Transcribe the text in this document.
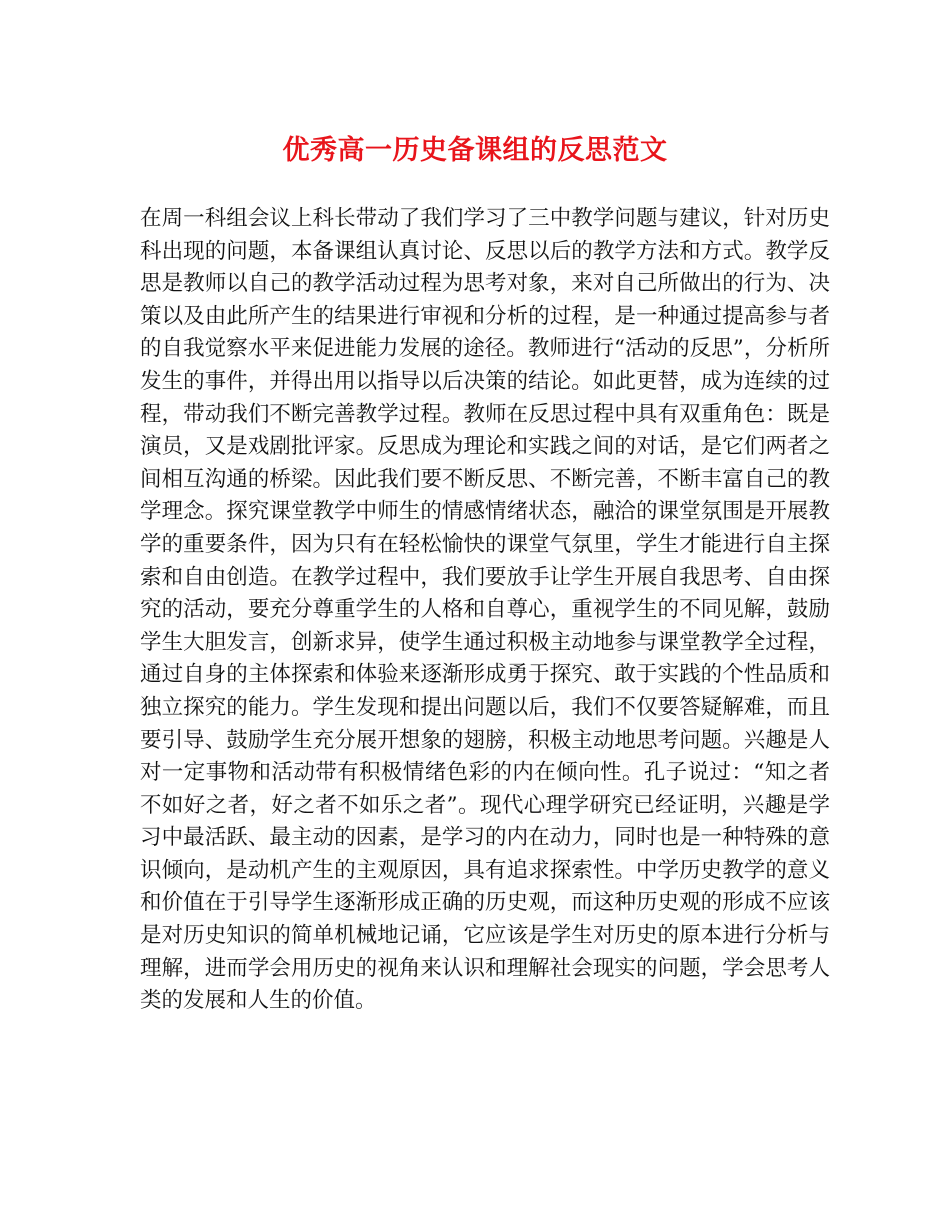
优秀高一历史备课组的反思范文
在周一科组会议上科长带动了我们学习了三中教学问题与建议，针对历史科出现的问题，本备课组认真讨论、反思以后的教学方法和方式。教学反思是教师以自己的教学活动过程为思考对象，来对自己所做出的行为、决策以及由此所产生的结果进行审视和分析的过程，是一种通过提高参与者的自我觉察水平来促进能力发展的途径。教师进行“活动的反思”，分析所发生的事件，并得出用以指导以后决策的结论。如此更替，成为连续的过程，带动我们不断完善教学过程。教师在反思过程中具有双重角色：既是演员，又是戏剧批评家。反思成为理论和实践之间的对话，是它们两者之间相互沟通的桥梁。因此我们要不断反思、不断完善，不断丰富自己的教学理念。探究课堂教学中师生的情感情绪状态，融洽的课堂氛围是开展教学的重要条件，因为只有在轻松愉快的课堂气氛里，学生才能进行自主探索和自由创造。在教学过程中，我们要放手让学生开展自我思考、自由探究的活动，要充分尊重学生的人格和自尊心，重视学生的不同见解，鼓励学生大胆发言，创新求异，使学生通过积极主动地参与课堂教学全过程，通过自身的主体探索和体验来逐渐形成勇于探究、敢于实践的个性品质和独立探究的能力。学生发现和提出问题以后，我们不仅要答疑解难，而且要引导、鼓励学生充分展开想象的翅膀，积极主动地思考问题。兴趣是人对一定事物和活动带有积极情绪色彩的内在倾向性。孔子说过：“知之者不如好之者，好之者不如乐之者”。现代心理学研究已经证明，兴趣是学习中最活跃、最主动的因素，是学习的内在动力，同时也是一种特殊的意识倾向，是动机产生的主观原因，具有追求探索性。中学历史教学的意义和价值在于引导学生逐渐形成正确的历史观，而这种历史观的形成不应该是对历史知识的简单机械地记诵，它应该是学生对历史的原本进行分析与理解，进而学会用历史的视角来认识和理解社会现实的问题，学会思考人类的发展和人生的价值。
